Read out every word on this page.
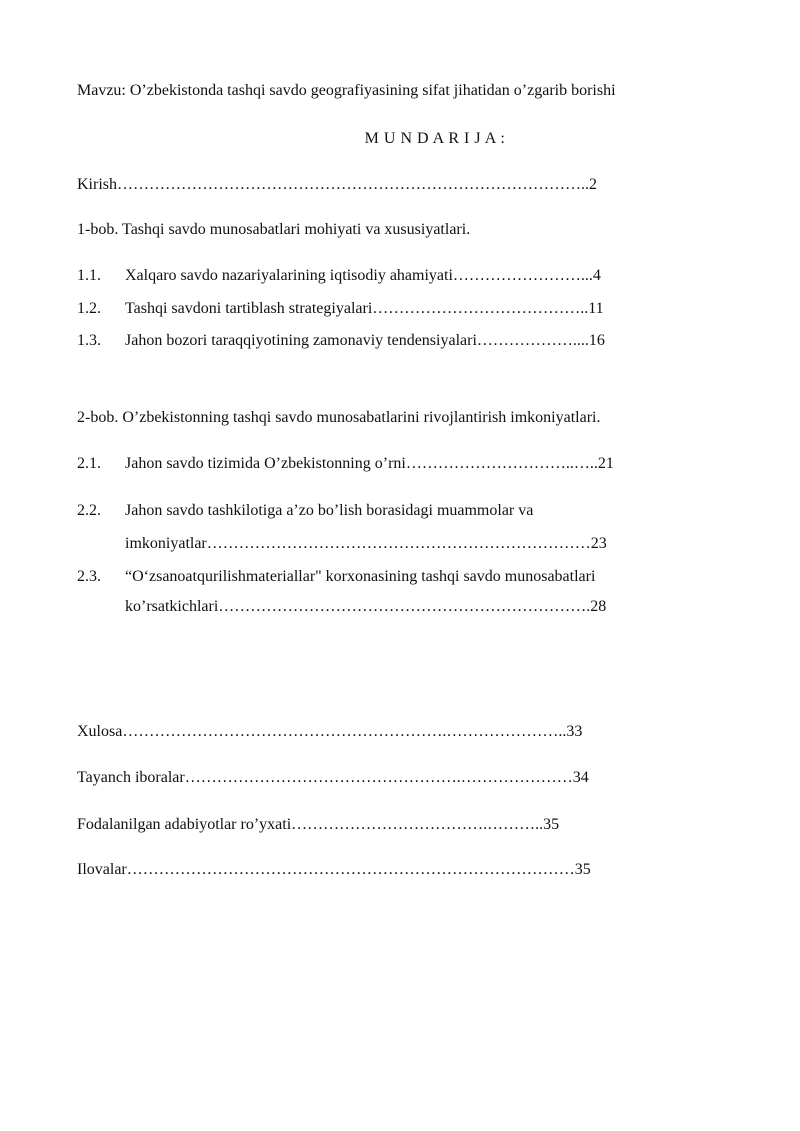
Mavzu: O’zbekistonda tashqi savdo geografiyasining sifat jihatidan o’zgarib borishi
M U N D A R I J A :
Kirish……………………………………………………………………………..2
1-bob. Tashqi savdo munosabatlari mohiyati va xususiyatlari.
1.1. Xalqaro savdo nazariyalarining iqtisodiy ahamiyati……………………...4
1.2. Tashqi savdoni tartiblash strategiyalari…………………………………..11
1.3. Jahon bozori taraqqiyotining zamonaviy tendensiyalari………………....16
2-bob. O’zbekistonning tashqi savdo munosabatlarini rivojlantirish imkoniyatlari.
2.1. Jahon savdo tizimida O’zbekistonning o’rni…………………………..…..21
2.2. Jahon savdo tashkilotiga a’zo bo’lish borasidagi muammolar va
imkoniyatlar………………………………………………………………23
2.3. “O‘zsanoatqurilishmateriallar" korxonasining tashqi savdo munosabatlari
ko’rsatkichlari…………………………………………………………….28
Xulosa…………………………………………………….…………………..33
Tayanch iboralar…………………………………………….…………………34
Fodalanilgan adabiyotlar ro’yxati……………………………….………..35
Ilovalar…………………………………………………………………………35
